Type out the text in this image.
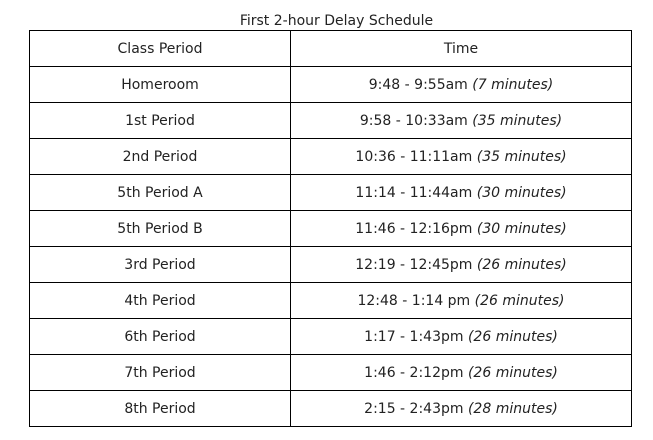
First 2-hour Delay Schedule
Class Period	Time
Homeroom	9:48 - 9:55am (7 minutes)
1st Period	9:58 - 10:33am (35 minutes)
2nd Period	10:36 - 11:11am (35 minutes)
5th Period A	11:14 - 11:44am (30 minutes)
5th Period B	11:46 - 12:16pm (30 minutes)
3rd Period	12:19 - 12:45pm (26 minutes)
4th Period	12:48 - 1:14 pm (26 minutes)
6th Period	1:17 - 1:43pm (26 minutes)
7th Period	1:46 - 2:12pm (26 minutes)
8th Period	2:15 - 2:43pm (28 minutes)
